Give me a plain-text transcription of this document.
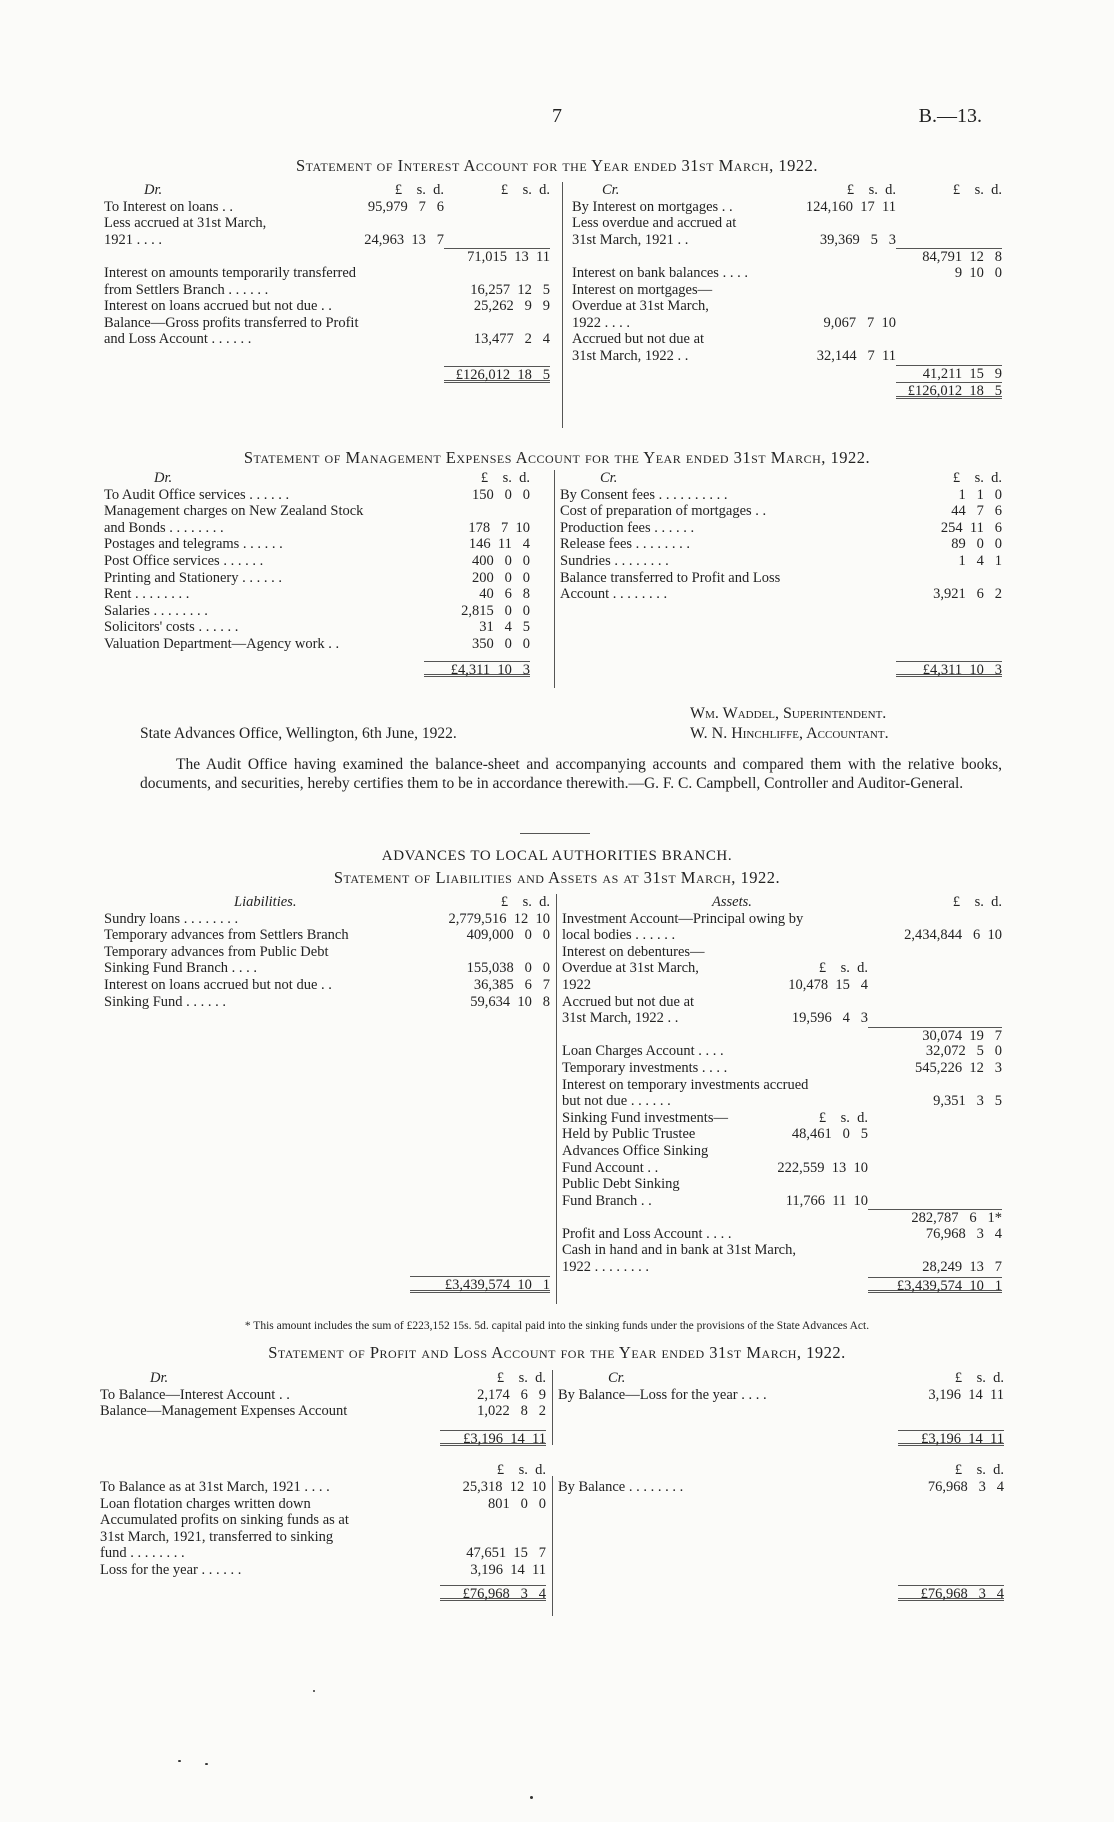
7	B.—13.
Statement of Interest Account for the Year ended 31st March, 1922.
Dr.	£    s.  d.	£    s.  d.
To Interest on loans . .	95,979   7   6
Less accrued at 31st March,
1921 . . . .	24,963  13   7
71,015  13  11
Interest on amounts temporarily transferred
from Settlers Branch . . . . . .	16,257  12   5
Interest on loans accrued but not due . .	25,262   9   9
Balance—Gross profits transferred to Profit
and Loss Account . . . . . .	13,477   2   4
£126,012  18   5
Cr.	£    s.  d.	£    s.  d.
By Interest on mortgages . .	124,160  17  11
Less overdue and accrued at
31st March, 1921 . .	39,369   5   3
84,791  12   8
Interest on bank balances . . . .	9  10   0
Interest on mortgages—
Overdue at 31st March,
1922 . . . .	9,067   7  10
Accrued but not due at
31st March, 1922 . .	32,144   7  11
41,211  15   9
£126,012  18   5
Statement of Management Expenses Account for the Year ended 31st March, 1922.
Dr.	£    s.  d.
To Audit Office services . . . . . .	150   0   0
Management charges on New Zealand Stock
and Bonds . . . . . . . .	178   7  10
Postages and telegrams . . . . . .	146  11   4
Post Office services . . . . . .	400   0   0
Printing and Stationery . . . . . .	200   0   0
Rent . . . . . . . .	40   6   8
Salaries . . . . . . . .	2,815   0   0
Solicitors' costs . . . . . .	31   4   5
Valuation Department—Agency work . .	350   0   0
£4,311  10   3
Cr.	£    s.  d.
By Consent fees . . . . . . . . . .	1   1   0
Cost of preparation of mortgages . .	44   7   6
Production fees . . . . . .	254  11   6
Release fees . . . . . . . .	89   0   0
Sundries . . . . . . . .	1   4   1
Balance transferred to Profit and Loss
Account . . . . . . . .	3,921   6   2
£4,311  10   3
Wm. Waddel, Superintendent.
W. N. Hinchliffe, Accountant.
State Advances Office, Wellington, 6th June, 1922.
The Audit Office having examined the balance-sheet and accompanying accounts and compared them with the relative books, documents, and securities, hereby certifies them to be in accordance therewith.—G. F. C. Campbell, Controller and Auditor-General.
ADVANCES TO LOCAL AUTHORITIES BRANCH.
Statement of Liabilities and Assets as at 31st March, 1922.
Liabilities.	£    s.  d.
Sundry loans . . . . . . . .	2,779,516  12  10
Temporary advances from Settlers Branch	409,000   0   0
Temporary advances from Public Debt
Sinking Fund Branch . . . .	155,038   0   0
Interest on loans accrued but not due . .	36,385   6   7
Sinking Fund . . . . . .	59,634  10   8
£3,439,574  10   1
Assets.	£    s.  d.
Investment Account—Principal owing by
local bodies . . . . . .	2,434,844   6  10
Interest on debentures—
Overdue at 31st March,	£    s.  d.
1922	10,478  15   4
Accrued but not due at
31st March, 1922 . .	19,596   4   3
30,074  19   7
Loan Charges Account . . . .	32,072   5   0
Temporary investments . . . .	545,226  12   3
Interest on temporary investments accrued
but not due . . . . . .	9,351   3   5
Sinking Fund investments—	£    s.  d.
Held by Public Trustee	48,461   0   5
Advances Office Sinking
Fund Account . .	222,559  13  10
Public Debt Sinking
Fund Branch . .	11,766  11  10
282,787   6   1*
Profit and Loss Account . . . .	76,968   3   4
Cash in hand and in bank at 31st March,
1922 . . . . . . . .	28,249  13   7
£3,439,574  10   1
* This amount includes the sum of £223,152 15s. 5d. capital paid into the sinking funds under the provisions of the State Advances Act.
Statement of Profit and Loss Account for the Year ended 31st March, 1922.
Dr.	£    s.  d.
To Balance—Interest Account . .	2,174   6   9
Balance—Management Expenses Account	1,022   8   2
£3,196  14  11
£    s.  d.
To Balance as at 31st March, 1921 . . . .	25,318  12  10
Loan flotation charges written down	801   0   0
Accumulated profits on sinking funds as at
31st March, 1921, transferred to sinking
fund . . . . . . . .	47,651  15   7
Loss for the year . . . . . .	3,196  14  11
£76,968   3   4
Cr.	£    s.  d.
By Balance—Loss for the year . . . .	3,196  14  11
£3,196  14  11
£    s.  d.
By Balance . . . . . . . .	76,968   3   4
£76,968   3   4
